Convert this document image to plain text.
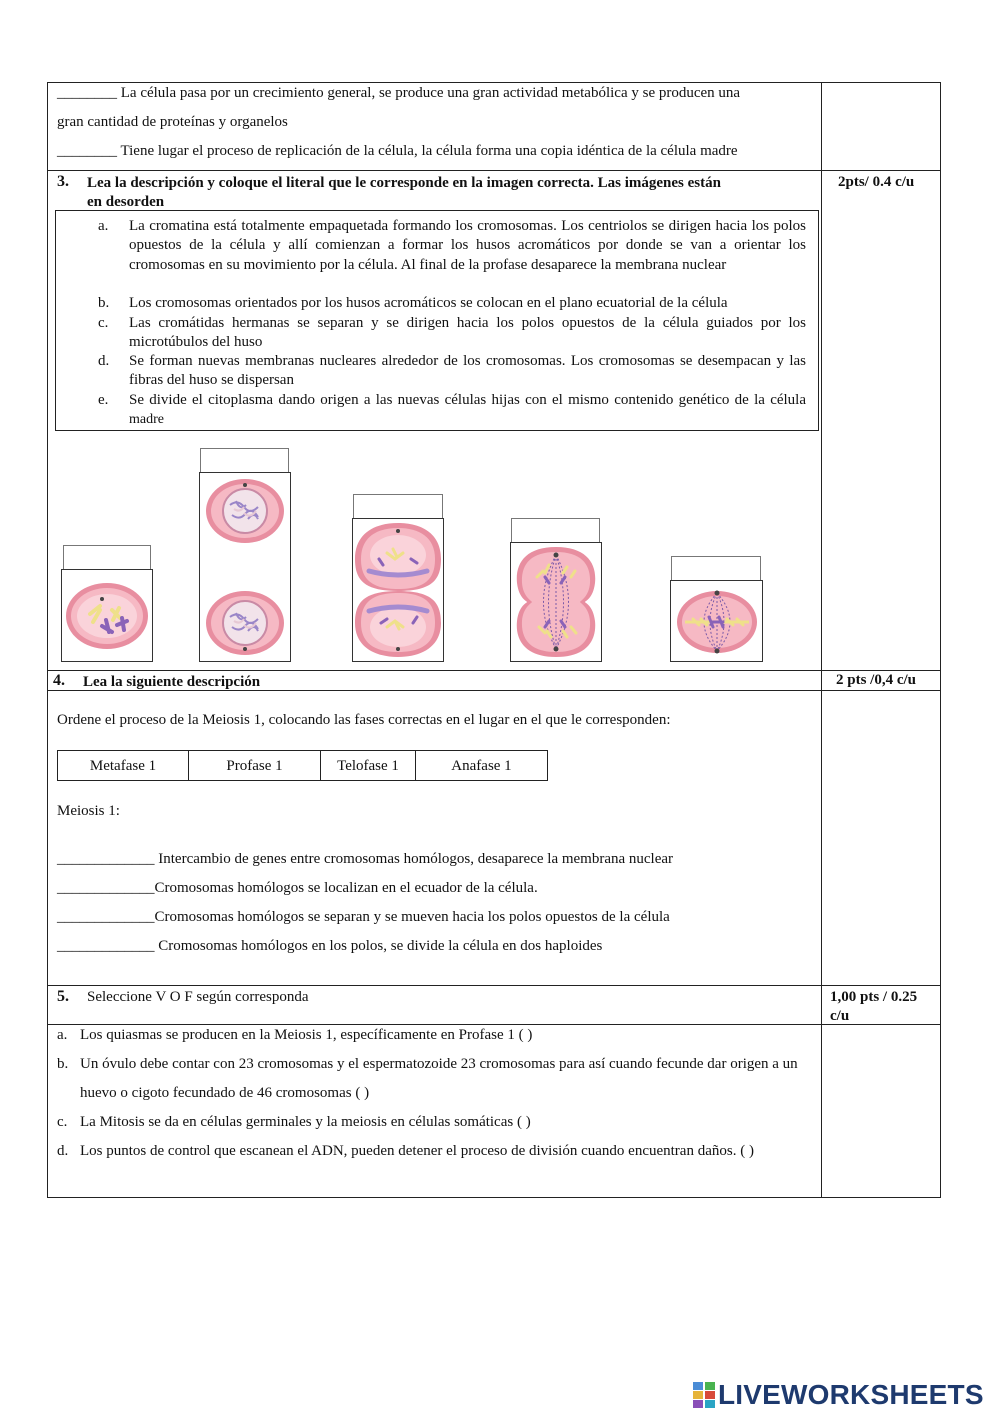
________ La célula pasa por un crecimiento general, se produce una gran actividad metabólica y se producen una
gran cantidad de proteínas y organelos
________ Tiene lugar el proceso de replicación de la célula, la célula forma una copia idéntica de la célula madre
3. Lea la descripción y coloque el literal que le corresponde en la imagen correcta. Las imágenes están
en desorden
2pts/ 0.4 c/u
a.	La cromatina está totalmente empaquetada formando los cromosomas. Los centriolos se dirigen hacia los polos opuestos de la célula y allí comienzan a formar los husos acromáticos por donde se van a orientar los cromosomas en su movimiento por la célula. Al final de la profase desaparece la membrana nuclear
b.	Los cromosomas orientados por los husos acromáticos se colocan en el plano ecuatorial de la célula
c.	Las cromátidas hermanas se separan y se dirigen hacia los polos opuestos de la célula guiados por los microtúbulos del huso
d.	Se forman nuevas membranas nucleares alrededor de los cromosomas. Los cromosomas se desempacan y las fibras del huso se dispersan
e.	Se divide el citoplasma dando origen a las nuevas células hijas con el mismo contenido genético de la célula madre
4. Lea la siguiente descripción	2 pts /0,4 c/u
Ordene el proceso de la Meiosis 1, colocando las fases correctas en el lugar en el que le corresponden:
Metafase 1	Profase 1	Telofase 1	Anafase 1
Meiosis 1:
_____________ Intercambio de genes entre cromosomas homólogos, desaparece la membrana nuclear
_____________Cromosomas homólogos se localizan en el ecuador de la célula.
_____________Cromosomas homólogos se separan y se mueven hacia los polos opuestos de la célula
_____________ Cromosomas homólogos en los polos, se divide la célula en dos haploides
5. Seleccione V O F según corresponda	1,00 pts / 0.25
c/u
a. Los quiasmas se producen en la Meiosis 1, específicamente en Profase 1 ( )
b. Un óvulo debe contar con 23 cromosomas y el espermatozoide 23 cromosomas para así cuando fecunde dar origen a un huevo o cigoto fecundado de 46 cromosomas ( )
c. La Mitosis se da en células germinales y la meiosis en células somáticas ( )
d. Los puntos de control que escanean el ADN, pueden detener el proceso de división cuando encuentran daños. ( )
LIVEWORKSHEETS
